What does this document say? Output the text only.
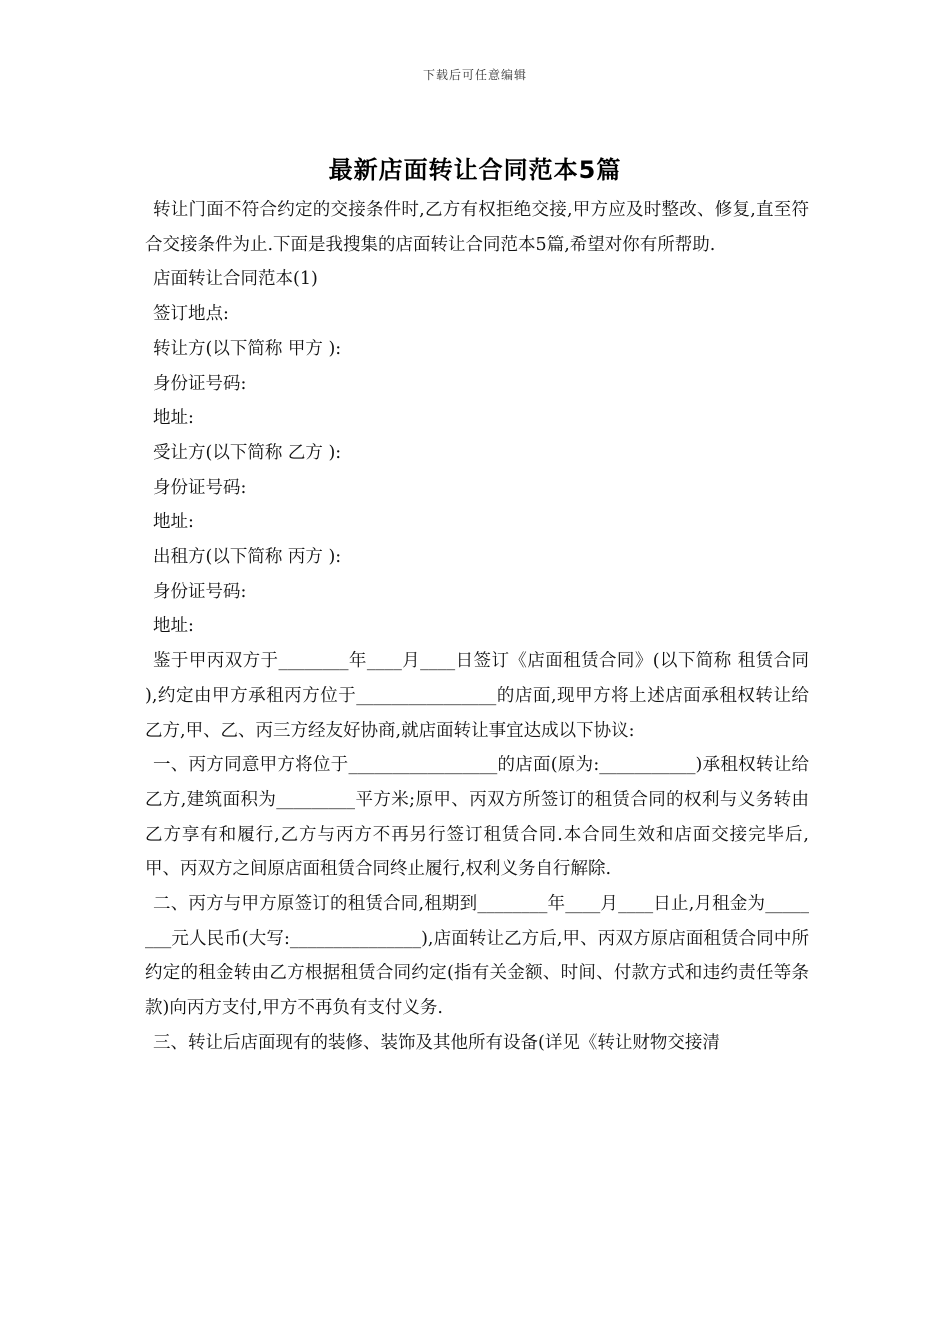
下载后可任意编辑
最新店面转让合同范本5篇

转让门面不符合约定的交接条件时,乙方有权拒绝交接,甲方应及时整改、修复,直至符合交接条件为止.下面是我搜集的店面转让合同范本5篇,希望对你有所帮助.

店面转让合同范本(1)

签订地点:

转让方(以下简称 甲方 ):

身份证号码:

地址:

受让方(以下简称 乙方 ):

身份证号码:

地址:

出租方(以下简称 丙方 ):

身份证号码:

地址:

鉴于甲丙双方于________年____月____日签订《店面租赁合同》(以下简称 租赁合同 ),约定由甲方承租丙方位于________________的店面,现甲方将上述店面承租权转让给乙方,甲、乙、丙三方经友好协商,就店面转让事宜达成以下协议:

一、丙方同意甲方将位于_________________的店面(原为:___________)承租权转让给乙方,建筑面积为_________平方米;原甲、丙双方所签订的租赁合同的权利与义务转由乙方享有和履行,乙方与丙方不再另行签订租赁合同.本合同生效和店面交接完毕后,甲、丙双方之间原店面租赁合同终止履行,权利义务自行解除.

二、丙方与甲方原签订的租赁合同,租期到________年____月____日止,月租金为________元人民币(大写:_______________),店面转让乙方后,甲、丙双方原店面租赁合同中所约定的租金转由乙方根据租赁合同约定(指有关金额、时间、付款方式和违约责任等条款)向丙方支付,甲方不再负有支付义务.

三、转让后店面现有的装修、装饰及其他所有设备(详见《转让财物交接清
